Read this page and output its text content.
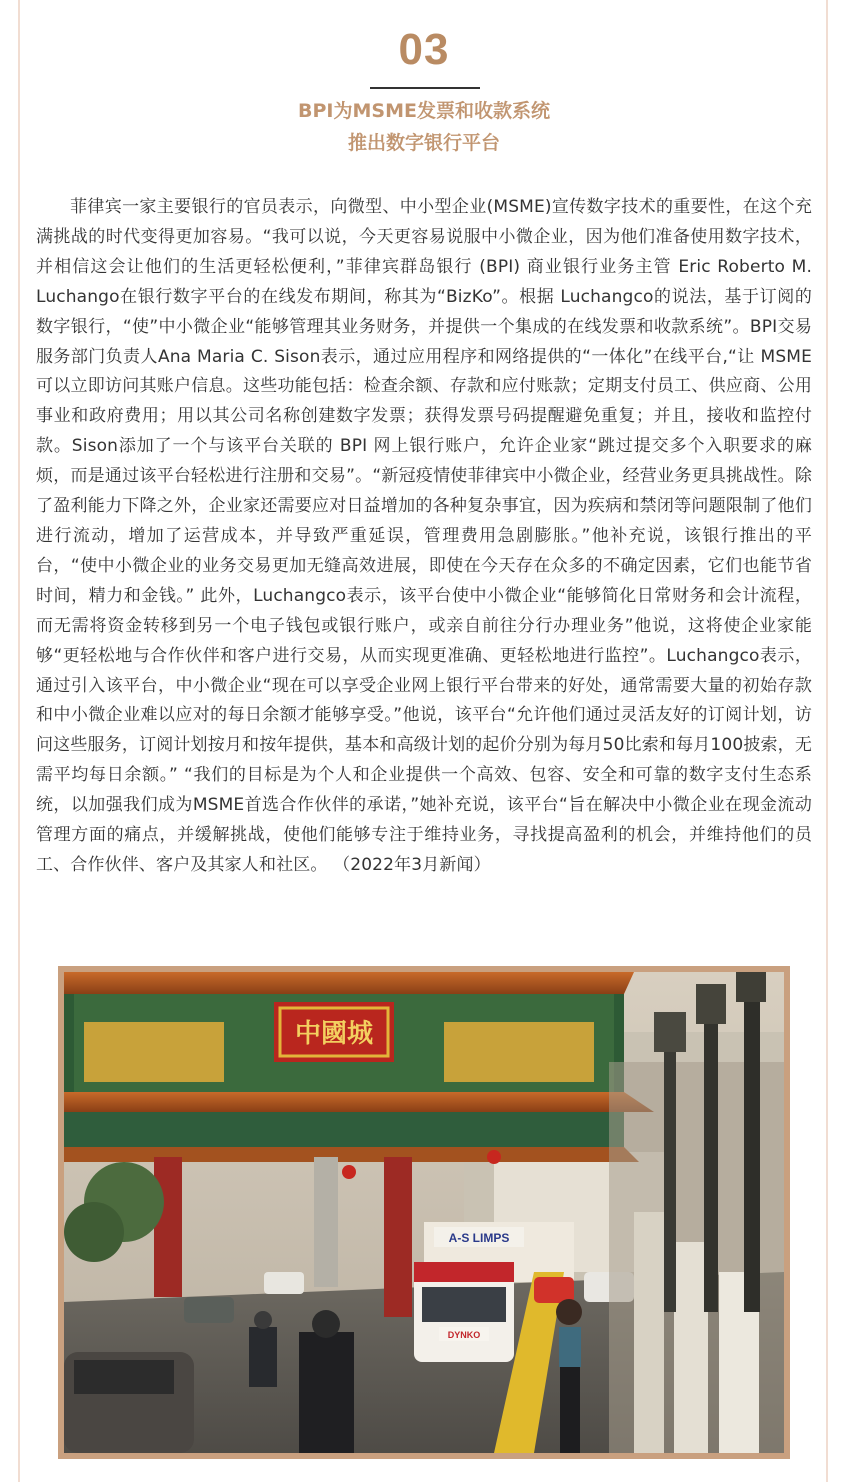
03
BPI为MSME发票和收款系统
推出数字银行平台

菲律宾一家主要银行的官员表示，向微型、中小型企业(MSME)宣传数字技术的重要性，在这个充满挑战的时代变得更加容易。“我可以说，今天更容易说服中小微企业，因为他们准备使用数字技术，并相信这会让他们的生活更轻松便利，”菲律宾群岛银行 (BPI) 商业银行业务主管 Eric Roberto M. Luchango在银行数字平台的在线发布期间，称其为“BizKo”。根据 Luchangco的说法，基于订阅的数字银行，“使”中小微企业“能够管理其业务财务，并提供一个集成的在线发票和收款系统”。BPI交易服务部门负责人Ana Maria C. Sison表示，通过应用程序和网络提供的“一体化”在线平台,“让 MSME 可以立即访问其账户信息。这些功能包括：检查余额、存款和应付账款；定期支付员工、供应商、公用事业和政府费用；用以其公司名称创建数字发票；获得发票号码提醒避免重复；并且，接收和监控付款。Sison添加了一个与该平台关联的 BPI 网上银行账户，允许企业家“跳过提交多个入职要求的麻烦，而是通过该平台轻松进行注册和交易”。“新冠疫情使菲律宾中小微企业，经营业务更具挑战性。除了盈利能力下降之外，企业家还需要应对日益增加的各种复杂事宜，因为疾病和禁闭等问题限制了他们进行流动，增加了运营成本，并导致严重延误，管理费用急剧膨胀。”他补充说，该银行推出的平台，“使中小微企业的业务交易更加无缝高效进展，即使在今天存在众多的不确定因素，它们也能节省时间，精力和金钱。” 此外，Luchangco表示，该平台使中小微企业“能够简化日常财务和会计流程，而无需将资金转移到另一个电子钱包或银行账户，或亲自前往分行办理业务”他说，这将使企业家能够“更轻松地与合作伙伴和客户进行交易，从而实现更准确、更轻松地进行监控”。Luchangco表示，通过引入该平台，中小微企业“现在可以享受企业网上银行平台带来的好处，通常需要大量的初始存款和中小微企业难以应对的每日余额才能够享受。”他说，该平台“允许他们通过灵活友好的订阅计划，访问这些服务，订阅计划按月和按年提供，基本和高级计划的起价分别为每月50比索和每月100披索，无需平均每日余额。” “我们的目标是为个人和企业提供一个高效、包容、安全和可靠的数字支付生态系统，以加强我们成为MSME首选合作伙伴的承诺，”她补充说，该平台“旨在解决中小微企业在现金流动管理方面的痛点，并缓解挑战，使他们能够专注于维持业务，寻找提高盈利的机会，并维持他们的员工、合作伙伴、客户及其家人和社区。 （2022年3月新闻）

中國城
A-S LIMPS
DYNKO
